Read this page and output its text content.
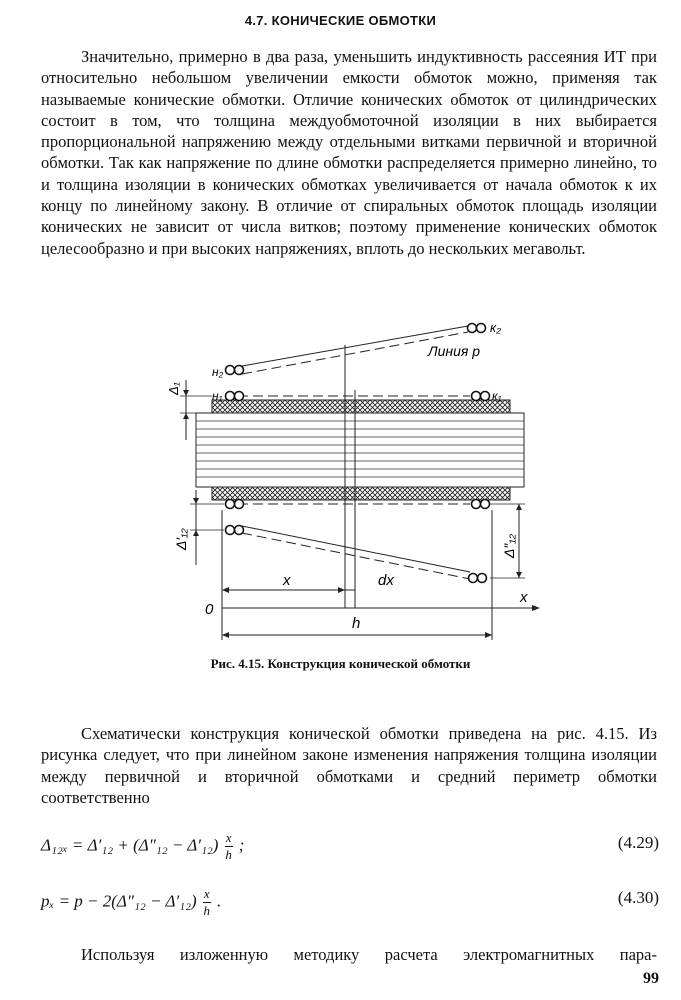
4.7. КОНИЧЕСКИЕ ОБМОТКИ

Значительно, примерно в два раза, уменьшить индуктивность рассеяния ИТ при относительно небольшом увеличении емкости обмоток можно, применяя так называемые конические обмотки. Отличие конических обмоток от цилиндрических состоит в том, что толщина междуобмоточной изоляции в них выбирается пропорциональной напряжению между отдельными витками первичной и вторичной обмотки. Так как напряжение по длине обмотки распределяется примерно линейно, то и толщина изоляции в конических обмотках увеличивается от начала обмоток к их концу по линейному закону. В отличие от спиральных обмоток площадь изоляции конических не зависит от числа витков; поэтому применение конических обмоток целесообразно и при высоких напряжениях, вплоть до нескольких мегавольт.

к₂
Линия p
н₂
н₁	к₁
Δ₁
Δ′₁₂	Δ″₁₂
x	dx
0
x
h
Рис. 4.15. Конструкция конической обмотки

Схематически конструкция конической обмотки приведена на рис. 4.15. Из рисунка следует, что при линейном законе изменения напряжения толщина изоляции между первичной и вторичной обмотками и средний периметр обмотки соответственно

$\Delta_{12x} = \Delta'_{12} + (\Delta''_{12} - \Delta'_{12}) \frac{x}{h}$ ;	(4.29)
$p_x = p - 2(\Delta''_{12} - \Delta'_{12}) \frac{x}{h}$ .	(4.30)

Используя изложенную методику расчета электромагнитных пара-

99
